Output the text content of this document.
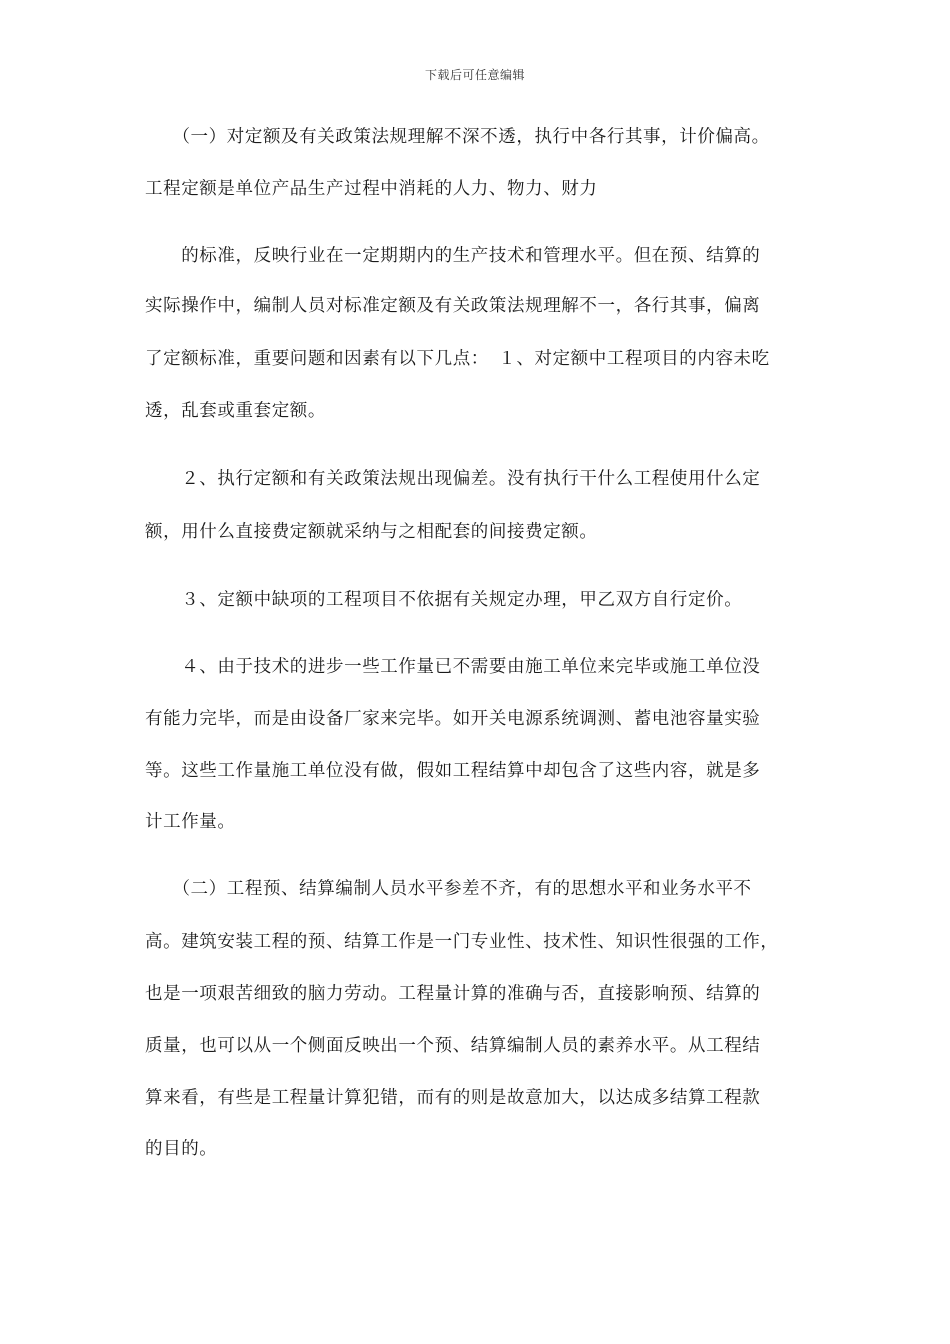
下载后可任意编辑
　　（一）对定额及有关政策法规理解不深不透，执行中各行其事，计价偏高。
工程定额是单位产品生产过程中消耗的人力、物力、财力
　　的标准，反映行业在一定期期内的生产技术和管理水平。但在预、结算的
实际操作中，编制人员对标准定额及有关政策法规理解不一，各行其事，偏离
了定额标准，重要问题和因素有以下几点：　１、对定额中工程项目的内容未吃
透，乱套或重套定额。
　　２、执行定额和有关政策法规出现偏差。没有执行干什么工程使用什么定
额，用什么直接费定额就采纳与之相配套的间接费定额。
　　３、定额中缺项的工程项目不依据有关规定办理，甲乙双方自行定价。
　　４、由于技术的进步一些工作量已不需要由施工单位来完毕或施工单位没
有能力完毕，而是由设备厂家来完毕。如开关电源系统调测、蓄电池容量实验
等。这些工作量施工单位没有做，假如工程结算中却包含了这些内容，就是多
计工作量。
　　（二）工程预、结算编制人员水平参差不齐，有的思想水平和业务水平不
高。建筑安装工程的预、结算工作是一门专业性、技术性、知识性很强的工作，
也是一项艰苦细致的脑力劳动。工程量计算的准确与否，直接影响预、结算的
质量，也可以从一个侧面反映出一个预、结算编制人员的素养水平。从工程结
算来看，有些是工程量计算犯错，而有的则是故意加大，以达成多结算工程款
的目的。
